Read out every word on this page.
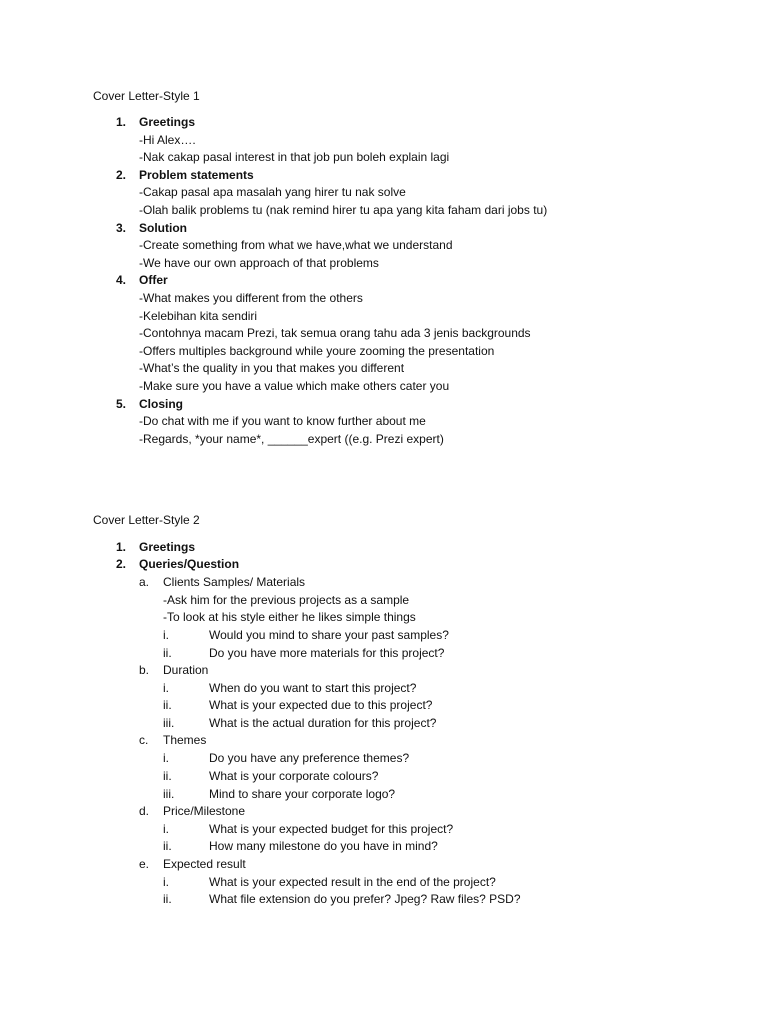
Cover Letter-Style 1
1. Greetings
-Hi Alex….
-Nak cakap pasal interest in that job pun boleh explain lagi
2. Problem statements
-Cakap pasal apa masalah yang hirer tu nak solve
-Olah balik problems tu (nak remind hirer tu apa yang kita faham dari jobs tu)
3. Solution
-Create something from what we have,what we understand
-We have our own approach of that problems
4. Offer
-What makes you different from the others
-Kelebihan kita sendiri
-Contohnya macam Prezi, tak semua orang tahu ada 3 jenis backgrounds
-Offers multiples background while youre zooming the presentation
-What’s the quality in you that makes you different
-Make sure you have a value which make others cater you
5. Closing
-Do chat with me if you want to know further about me
-Regards, *your name*, ______expert ((e.g. Prezi expert)
Cover Letter-Style 2
1. Greetings
2. Queries/Question
a. Clients Samples/ Materials
-Ask him for the previous projects as a sample
-To look at his style either he likes simple things
i.	Would you mind to share your past samples?
ii.	Do you have more materials for this project?
b. Duration
i.	When do you want to start this project?
ii.	What is your expected due to this project?
iii.	What is the actual duration for this project?
c. Themes
i.	Do you have any preference themes?
ii.	What is your corporate colours?
iii.	Mind to share your corporate logo?
d. Price/Milestone
i.	What is your expected budget for this project?
ii.	How many milestone do you have in mind?
e. Expected result
i.	What is your expected result in the end of the project?
ii.	What file extension do you prefer? Jpeg? Raw files? PSD?
